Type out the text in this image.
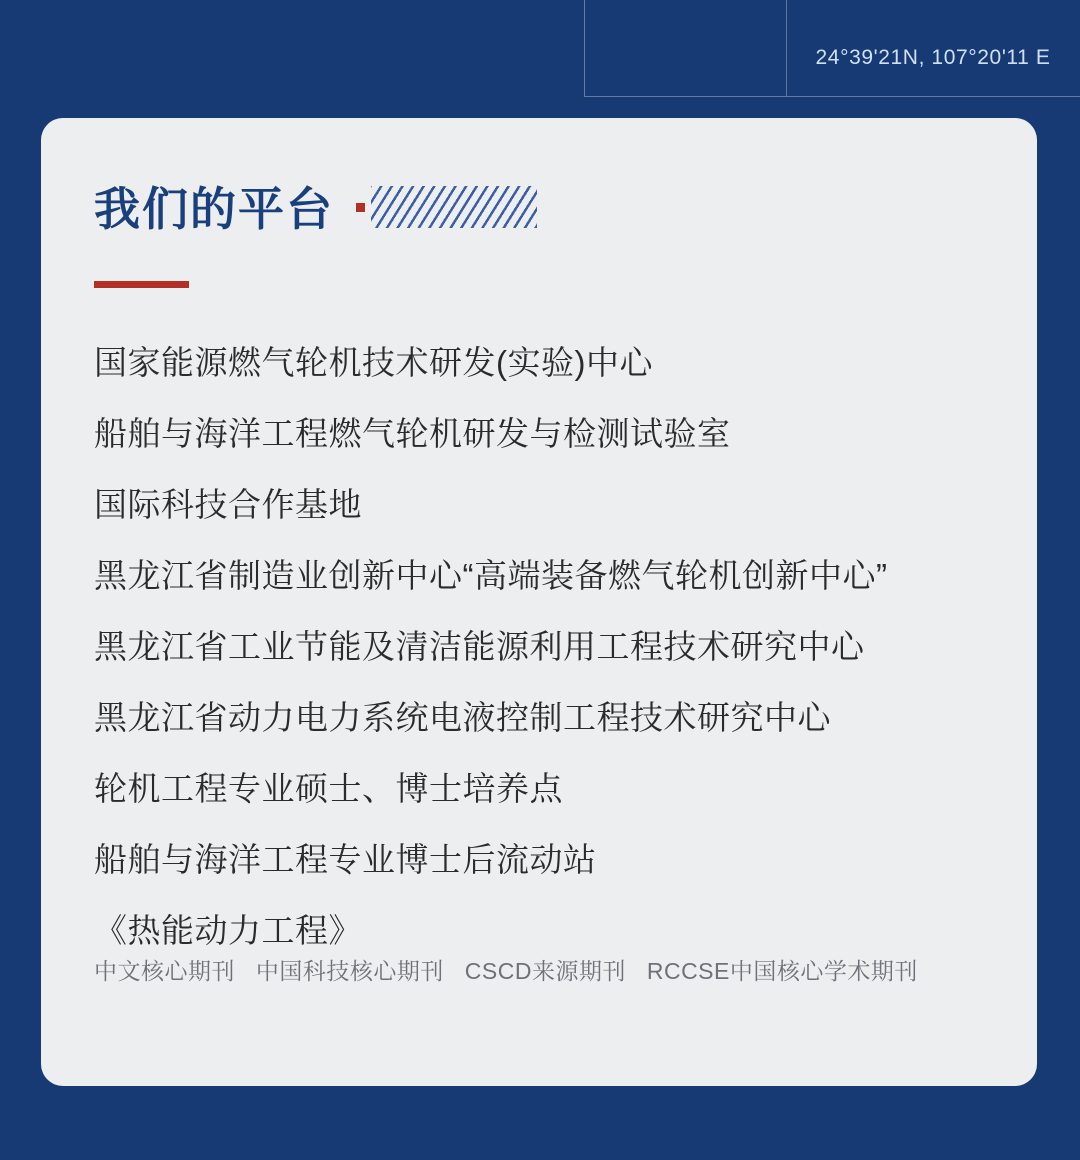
24°39'21N, 107°20'11 E
我们的平台
国家能源燃气轮机技术研发(实验)中心
船舶与海洋工程燃气轮机研发与检测试验室
国际科技合作基地
黑龙江省制造业创新中心“高端装备燃气轮机创新中心”
黑龙江省工业节能及清洁能源利用工程技术研究中心
黑龙江省动力电力系统电液控制工程技术研究中心
轮机工程专业硕士、博士培养点
船舶与海洋工程专业博士后流动站
《热能动力工程》
中文核心期刊 中国科技核心期刊 CSCD来源期刊 RCCSE中国核心学术期刊
